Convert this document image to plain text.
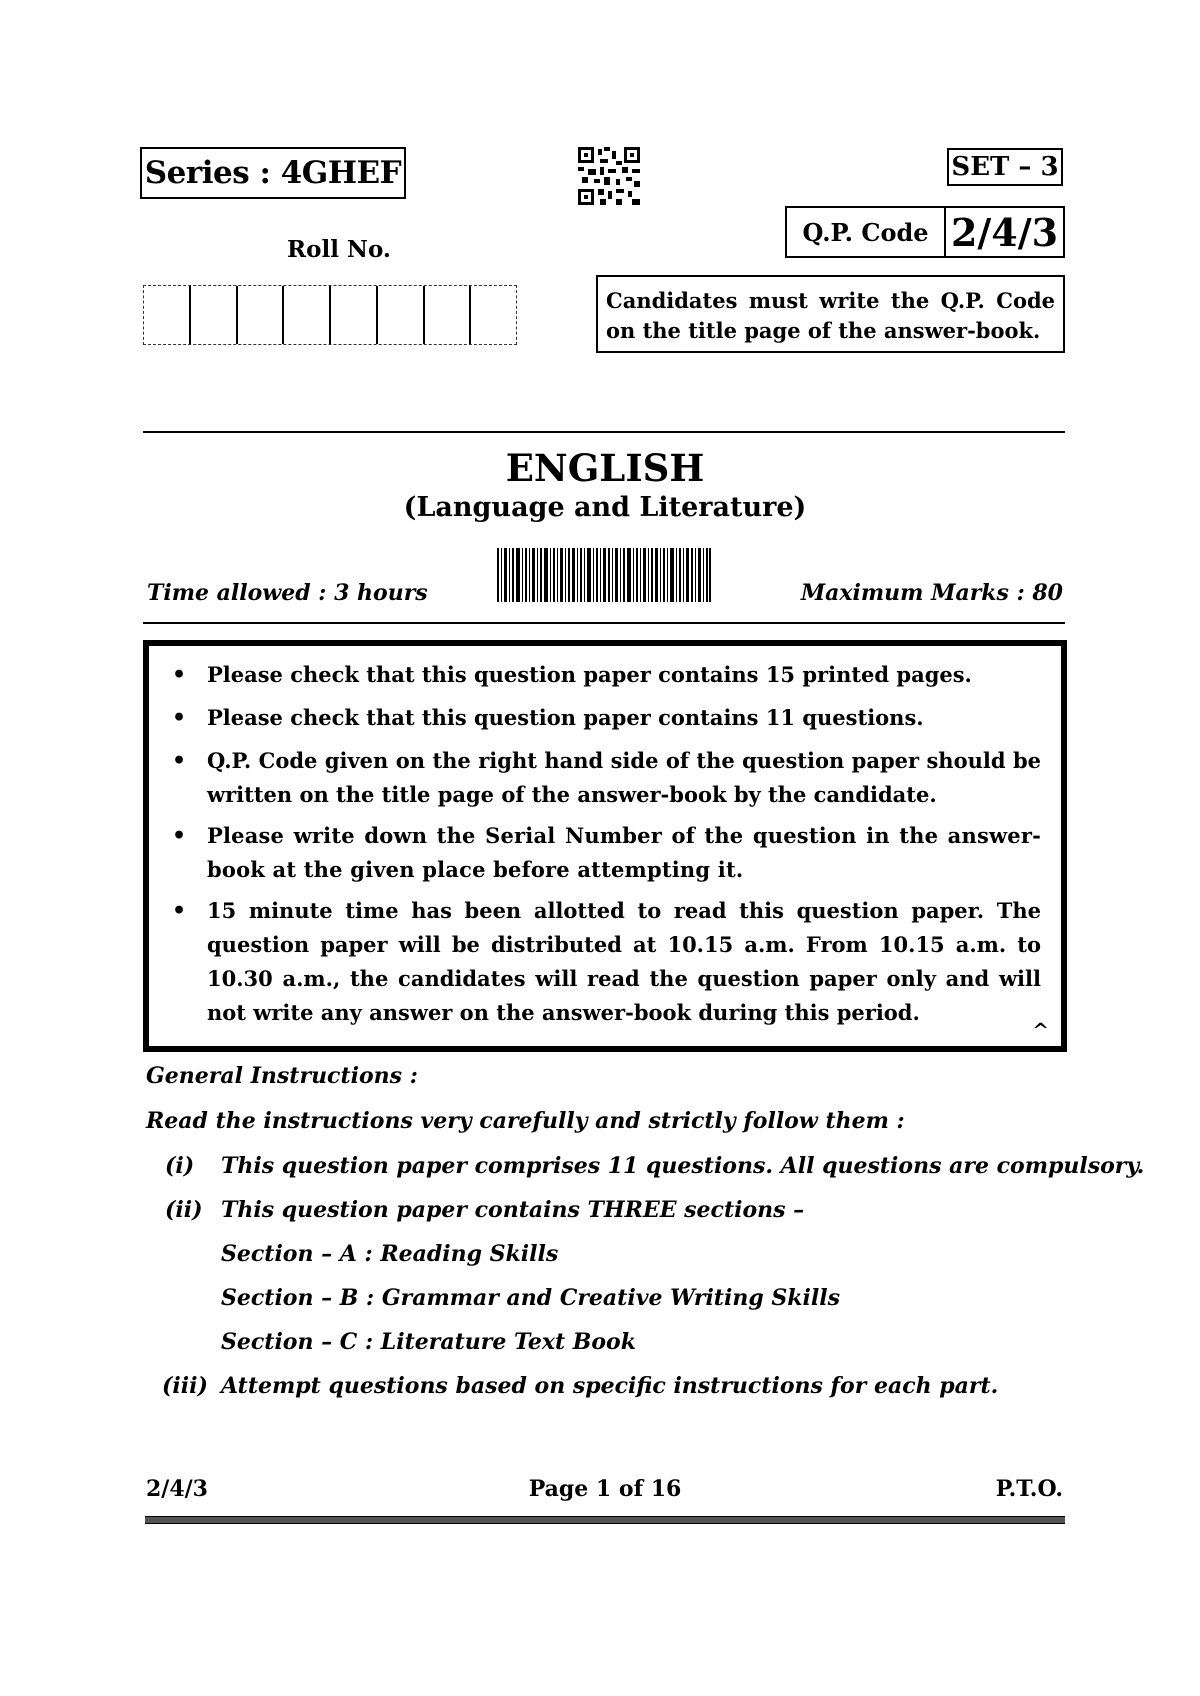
Series : 4GHEF
Roll No.
SET – 3
Q.P. Code 2/4/3
Candidates must write the Q.P. Code on the title page of the answer-book.
ENGLISH
(Language and Literature)
Time allowed : 3 hours	Maximum Marks : 80
• Please check that this question paper contains 15 printed pages.
• Please check that this question paper contains 11 questions.
• Q.P. Code given on the right hand side of the question paper should be written on the title page of the answer-book by the candidate.
• Please write down the Serial Number of the question in the answer-book at the given place before attempting it.
• 15 minute time has been allotted to read this question paper. The question paper will be distributed at 10.15 a.m. From 10.15 a.m. to 10.30 a.m., the candidates will read the question paper only and will not write any answer on the answer-book during this period.
^
General Instructions :
Read the instructions very carefully and strictly follow them :
(i) This question paper comprises 11 questions. All questions are compulsory.
(ii) This question paper contains THREE sections –
Section – A : Reading Skills
Section – B : Grammar and Creative Writing Skills
Section – C : Literature Text Book
(iii) Attempt questions based on specific instructions for each part.
2/4/3	Page 1 of 16	P.T.O.
